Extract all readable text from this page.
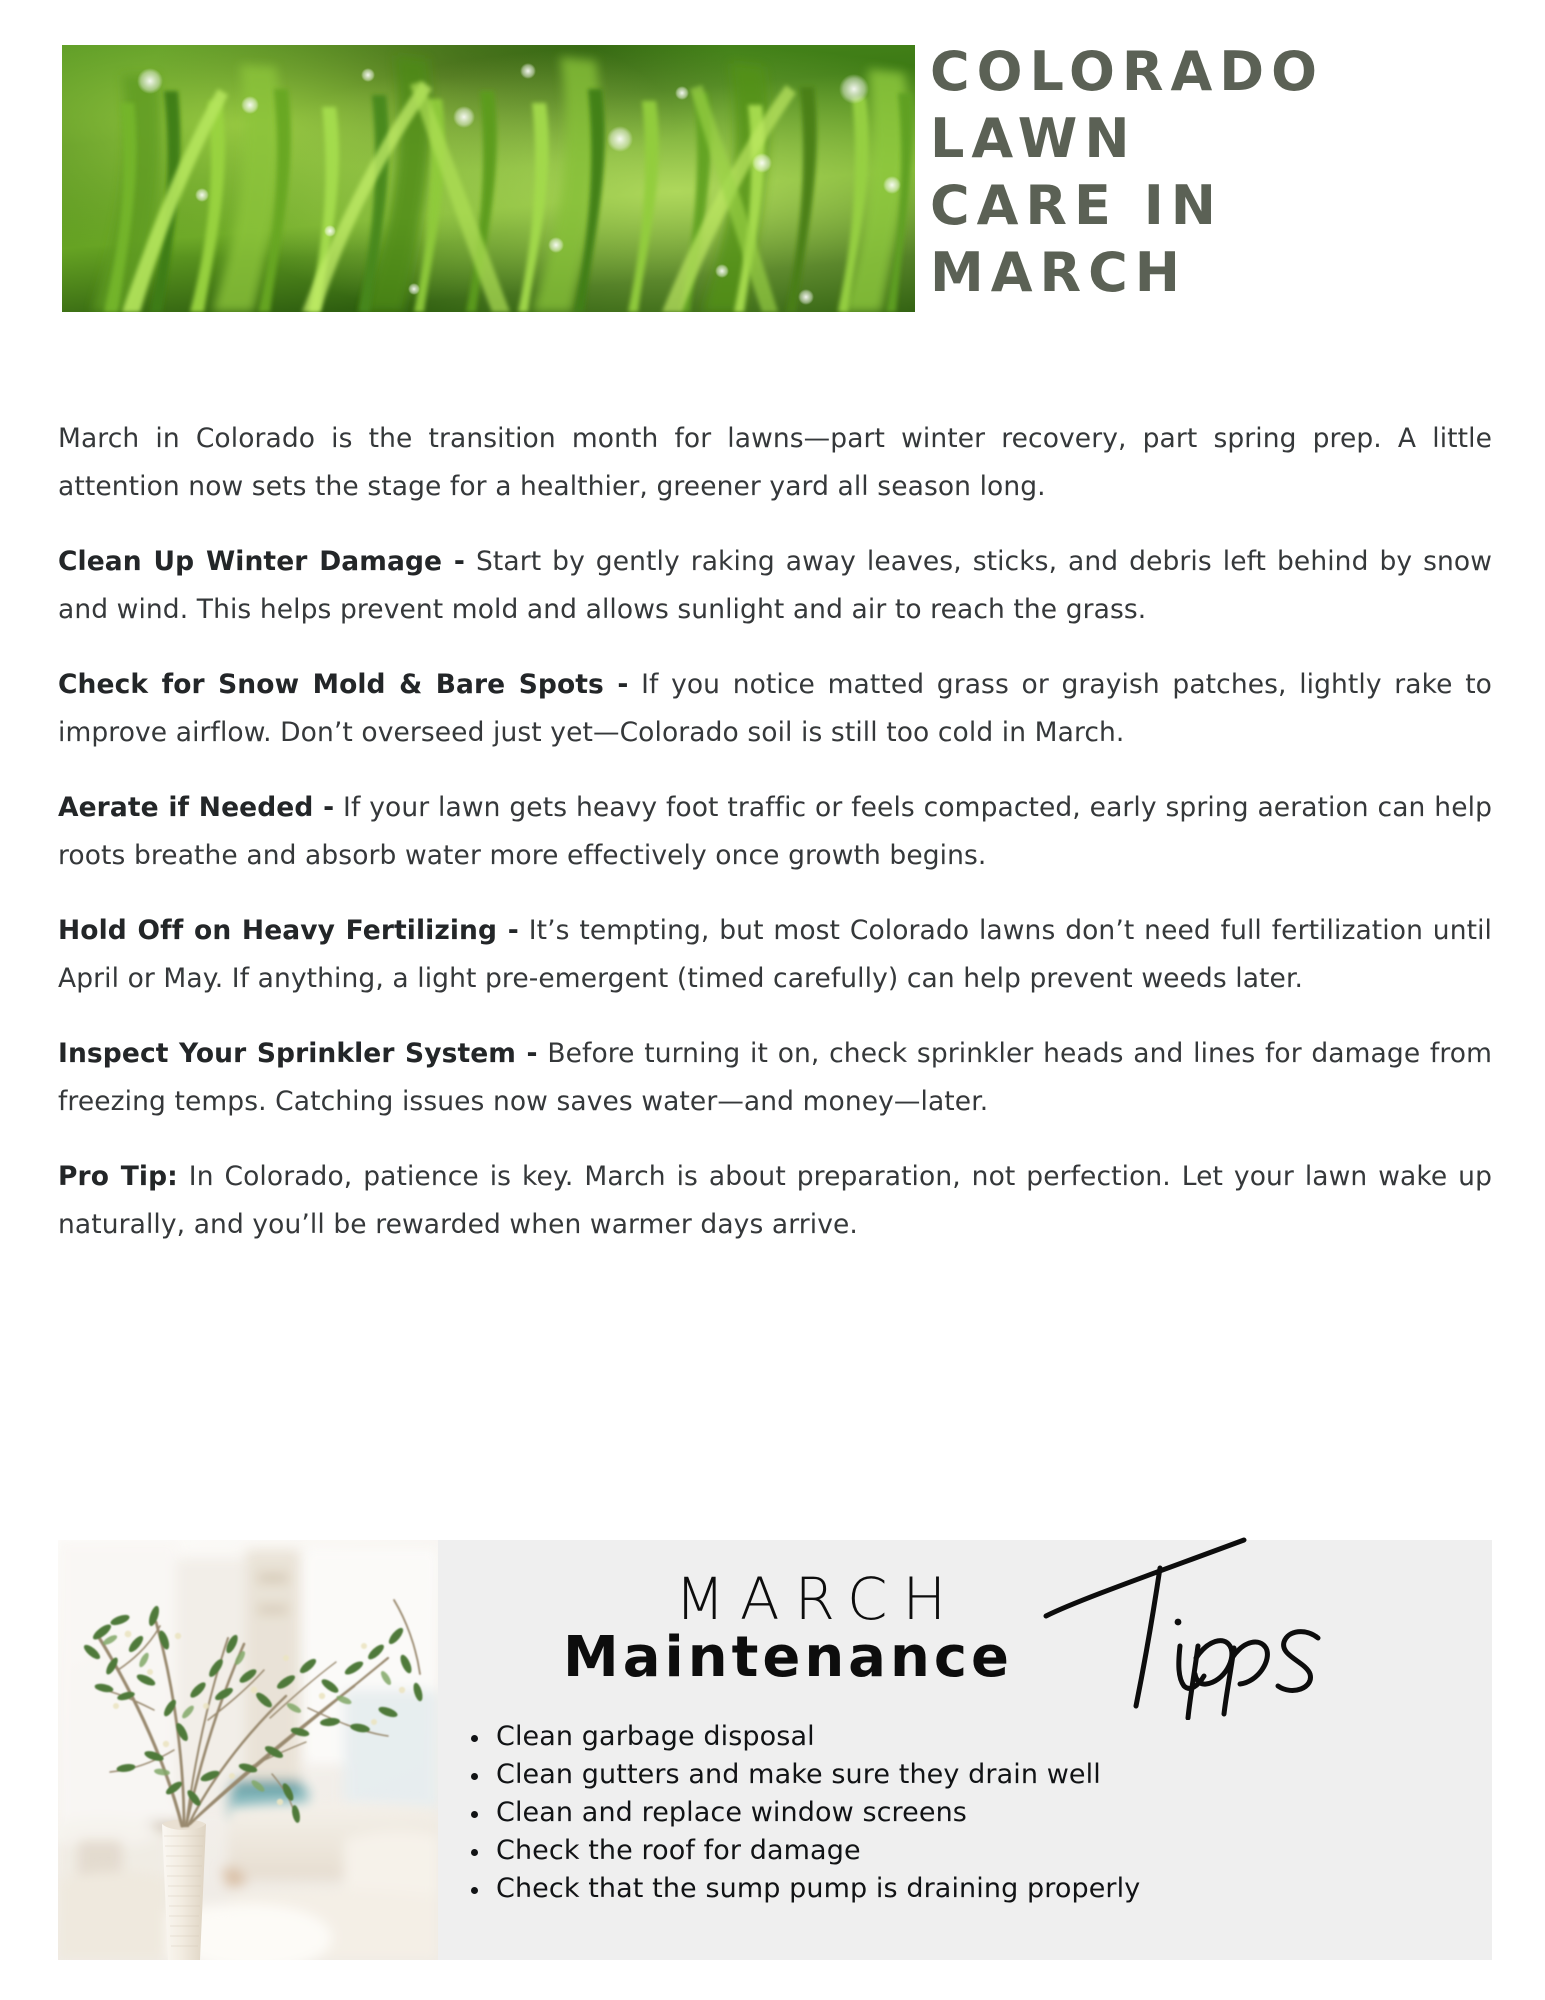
COLORADO
LAWN
CARE IN
MARCH

March in Colorado is the transition month for lawns—part winter recovery, part spring prep. A little attention now sets the stage for a healthier, greener yard all season long.

Clean Up Winter Damage - Start by gently raking away leaves, sticks, and debris left behind by snow and wind. This helps prevent mold and allows sunlight and air to reach the grass.

Check for Snow Mold & Bare Spots - If you notice matted grass or grayish patches, lightly rake to improve airflow. Don’t overseed just yet—Colorado soil is still too cold in March.

Aerate if Needed - If your lawn gets heavy foot traffic or feels compacted, early spring aeration can help roots breathe and absorb water more effectively once growth begins.

Hold Off on Heavy Fertilizing - It’s tempting, but most Colorado lawns don’t need full fertilization until April or May. If anything, a light pre-emergent (timed carefully) can help prevent weeds later.

Inspect Your Sprinkler System - Before turning it on, check sprinkler heads and lines for damage from freezing temps. Catching issues now saves water—and money—later.

Pro Tip: In Colorado, patience is key. March is about preparation, not perfection. Let your lawn wake up naturally, and you’ll be rewarded when warmer days arrive.

MARCH
Maintenance
Clean garbage disposal
Clean gutters and make sure they drain well
Clean and replace window screens
Check the roof for damage
Check that the sump pump is draining properly
